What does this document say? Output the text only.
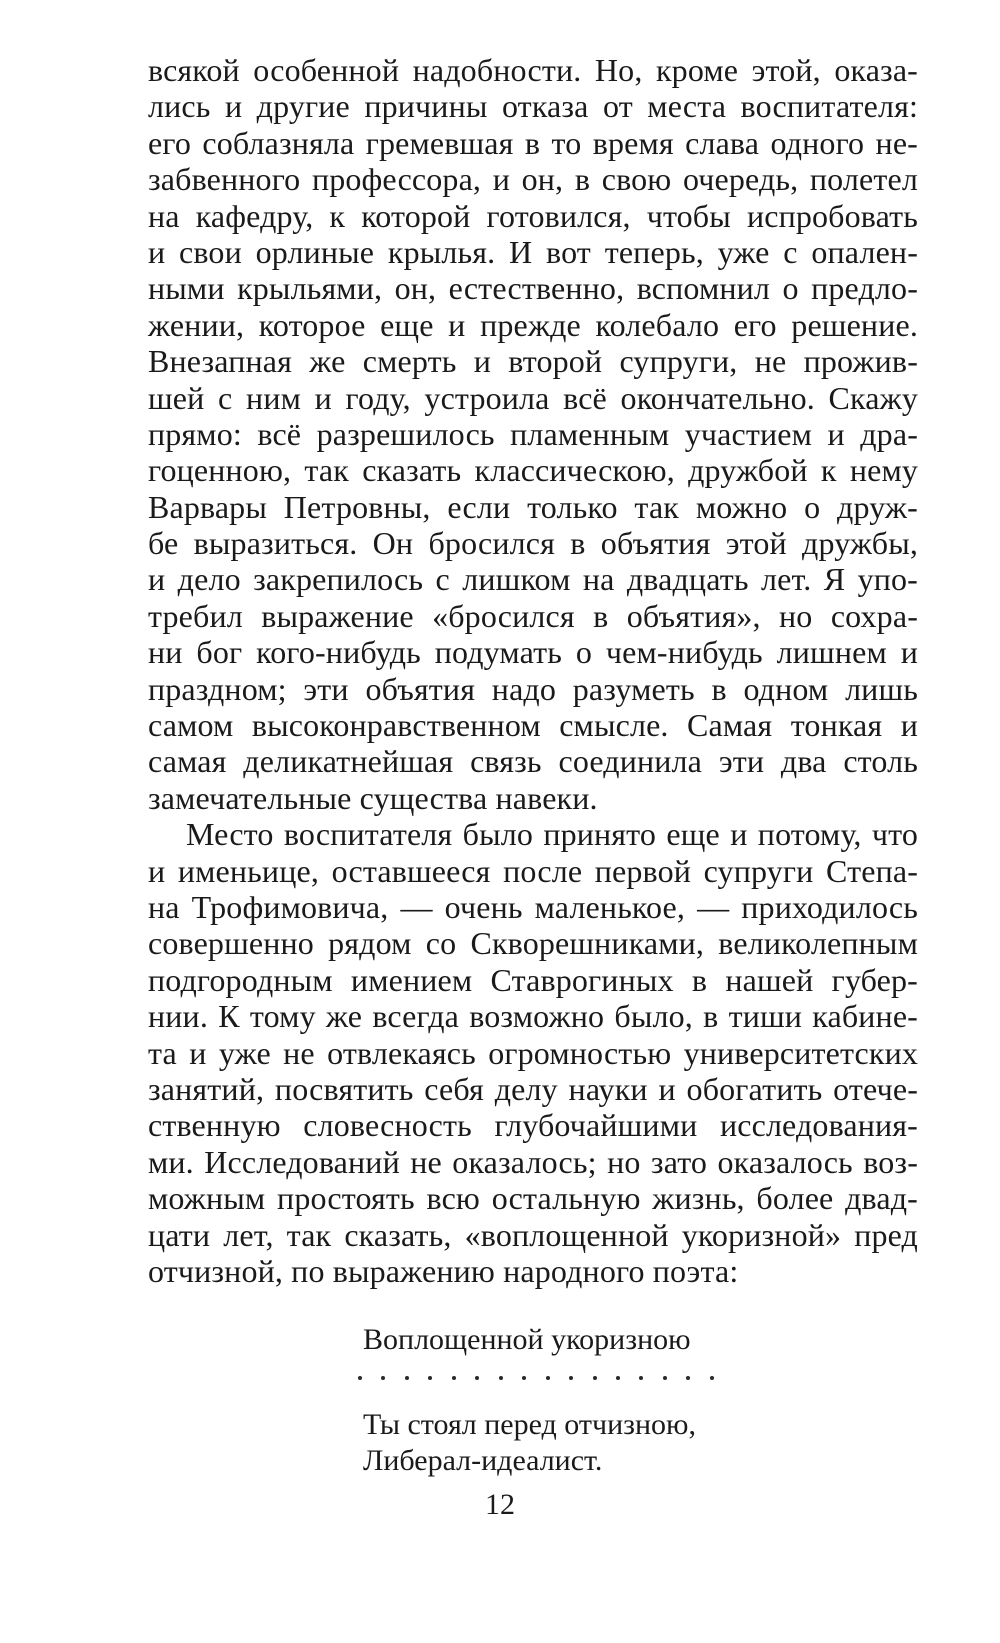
всякой особенной надобности. Но, кроме этой, оказа-
лись и другие причины отказа от места воспитателя:
его соблазняла гремевшая в то время слава одного не-
забвенного профессора, и он, в свою очередь, полетел
на кафедру, к которой готовился, чтобы испробовать
и свои орлиные крылья. И вот теперь, уже с опален-
ными крыльями, он, естественно, вспомнил о предло-
жении, которое еще и прежде колебало его решение.
Внезапная же смерть и второй супруги, не прожив-
шей с ним и году, устроила всё окончательно. Скажу
прямо: всё разрешилось пламенным участием и дра-
гоценною, так сказать классическою, дружбой к нему
Варвары Петровны, если только так можно о друж-
бе выразиться. Он бросился в объятия этой дружбы,
и дело закрепилось с лишком на двадцать лет. Я упо-
требил выражение «бросился в объятия», но сохра-
ни бог кого-нибудь подумать о чем-нибудь лишнем и
праздном; эти объятия надо разуметь в одном лишь
самом высоконравственном смысле. Самая тонкая и
самая деликатнейшая связь соединила эти два столь
замечательные существа навеки.
Место воспитателя было принято еще и потому, что
и именьице, оставшееся после первой супруги Степа-
на Трофимовича, — очень маленькое, — приходилось
совершенно рядом со Скворешниками, великолепным
подгородным имением Ставрогиных в нашей губер-
нии. К тому же всегда возможно было, в тиши кабине-
та и уже не отвлекаясь огромностью университетских
занятий, посвятить себя делу науки и обогатить отече-
ственную словесность глубочайшими исследования-
ми. Исследований не оказалось; но зато оказалось воз-
можным простоять всю остальную жизнь, более двад-
цати лет, так сказать, «воплощенной укоризной» пред
отчизной, по выражению народного поэта:
Воплощенной укоризною
Ты стоял перед отчизною,
Либерал-идеалист.
12
